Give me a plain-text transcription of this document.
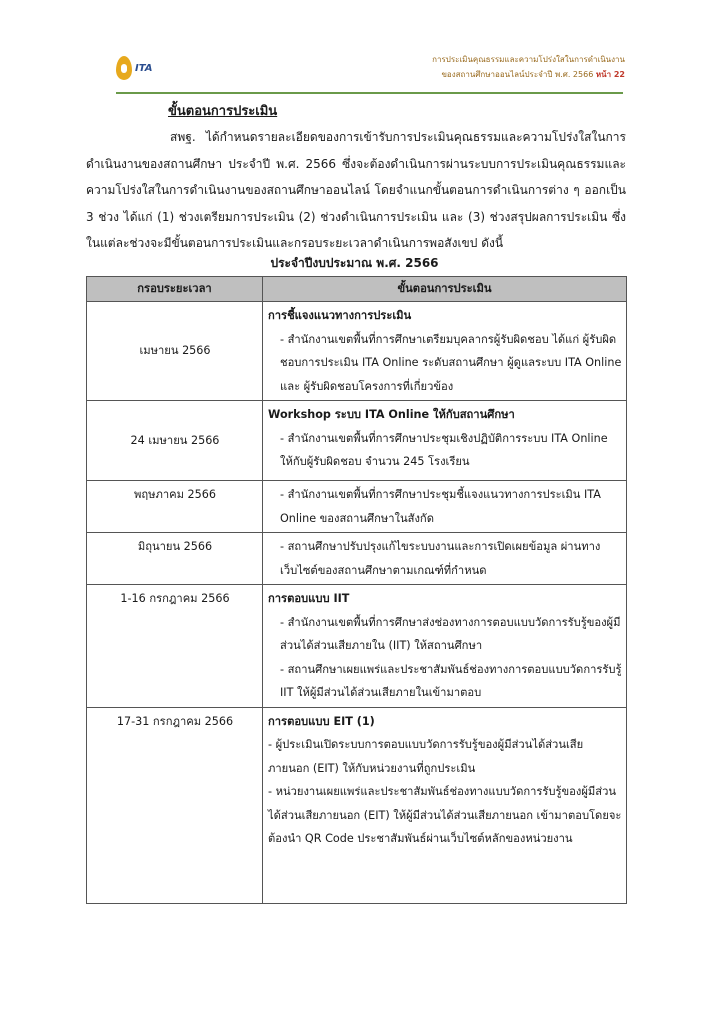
ITA
การประเมินคุณธรรมและความโปร่งใสในการดำเนินงาน
ของสถานศึกษาออนไลน์ประจำปี พ.ศ. 2566 หน้า 22
ขั้นตอนการประเมิน

สพฐ. ได้กำหนดรายละเอียดของการเข้ารับการประเมินคุณธรรมและความโปร่งใสในการดำเนินงานของสถานศึกษา ประจำปี พ.ศ. 2566 ซึ่งจะต้องดำเนินการผ่านระบบการประเมินคุณธรรมและความโปร่งใสในการดำเนินงานของสถานศึกษาออนไลน์ โดยจำแนกขั้นตอนการดำเนินการต่าง ๆ ออกเป็น 3 ช่วง ได้แก่ (1) ช่วงเตรียมการประเมิน (2) ช่วงดำเนินการประเมิน และ (3) ช่วงสรุปผลการประเมิน ซึ่งในแต่ละช่วงจะมีขั้นตอนการประเมินและกรอบระยะเวลาดำเนินการพอสังเขป ดังนี้

ประจำปีงบประมาณ พ.ศ. 2566
กรอบระยะเวลา	ขั้นตอนการประเมิน
เมษายน 2566	การชี้แจงแนวทางการประเมิน
- สำนักงานเขตพื้นที่การศึกษาเตรียมบุคลากรผู้รับผิดชอบ ได้แก่ ผู้รับผิดชอบการประเมิน ITA Online ระดับสถานศึกษา ผู้ดูแลระบบ ITA Online และ ผู้รับผิดชอบโครงการที่เกี่ยวข้อง

24 เมษายน 2566	Workshop ระบบ ITA Online ให้กับสถานศึกษา
- สำนักงานเขตพื้นที่การศึกษาประชุมเชิงปฏิบัติการระบบ ITA Online ให้กับผู้รับผิดชอบ จำนวน 245 โรงเรียน

พฤษภาคม 2566	- สำนักงานเขตพื้นที่การศึกษาประชุมชี้แจงแนวทางการประเมิน ITA Online ของสถานศึกษาในสังกัด

มิถุนายน 2566	- สถานศึกษาปรับปรุงแก้ไขระบบงานและการเปิดเผยข้อมูล ผ่านทางเว็บไซต์ของสถานศึกษาตามเกณฑ์ที่กำหนด

1-16 กรกฎาคม 2566	การตอบแบบ IIT
- สำนักงานเขตพื้นที่การศึกษาส่งช่องทางการตอบแบบวัดการรับรู้ของผู้มีส่วนได้ส่วนเสียภายใน (IIT) ให้สถานศึกษา
- สถานศึกษาเผยแพร่และประชาสัมพันธ์ช่องทางการตอบแบบวัดการรับรู้ IIT ให้ผู้มีส่วนได้ส่วนเสียภายในเข้ามาตอบ

17-31 กรกฎาคม 2566	การตอบแบบ EIT (1)
- ผู้ประเมินเปิดระบบการตอบแบบวัดการรับรู้ของผู้มีส่วนได้ส่วนเสียภายนอก (EIT) ให้กับหน่วยงานที่ถูกประเมิน
- หน่วยงานเผยแพร่และประชาสัมพันธ์ช่องทางแบบวัดการรับรู้ของผู้มีส่วนได้ส่วนเสียภายนอก (EIT) ให้ผู้มีส่วนได้ส่วนเสียภายนอก เข้ามาตอบโดยจะต้องนำ QR Code ประชาสัมพันธ์ผ่านเว็บไซต์หลักของหน่วยงาน
